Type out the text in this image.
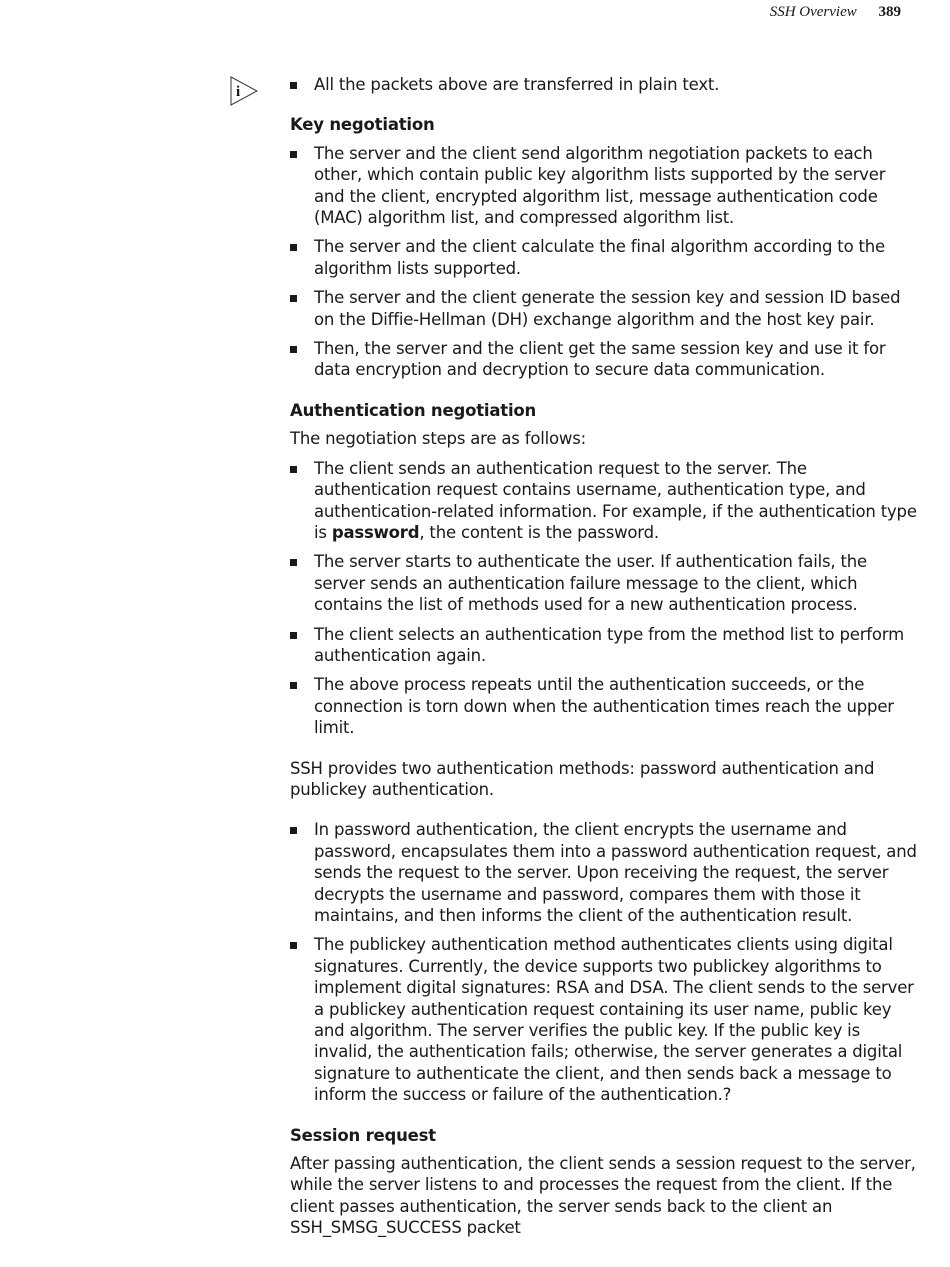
SSH Overview 389
i	All the packets above are transferred in plain text.
Key negotiation
The server and the client send algorithm negotiation packets to each other, which contain public key algorithm lists supported by the server and the client, encrypted algorithm list, message authentication code (MAC) algorithm list, and compressed algorithm list.
The server and the client calculate the final algorithm according to the algorithm lists supported.
The server and the client generate the session key and session ID based on the Diffie-Hellman (DH) exchange algorithm and the host key pair.
Then, the server and the client get the same session key and use it for data encryption and decryption to secure data communication.
Authentication negotiation

The negotiation steps are as follows:

The client sends an authentication request to the server. The authentication request contains username, authentication type, and authentication-related information. For example, if the authentication type is password, the content is the password.
The server starts to authenticate the user. If authentication fails, the server sends an authentication failure message to the client, which contains the list of methods used for a new authentication process.
The client selects an authentication type from the method list to perform authentication again.
The above process repeats until the authentication succeeds, or the connection is torn down when the authentication times reach the upper limit.

SSH provides two authentication methods: password authentication and publickey authentication.

In password authentication, the client encrypts the username and password, encapsulates them into a password authentication request, and sends the request to the server. Upon receiving the request, the server decrypts the username and password, compares them with those it maintains, and then informs the client of the authentication result.
The publickey authentication method authenticates clients using digital signatures. Currently, the device supports two publickey algorithms to implement digital signatures: RSA and DSA. The client sends to the server a publickey authentication request containing its user name, public key and algorithm. The server verifies the public key. If the public key is invalid, the authentication fails; otherwise, the server generates a digital signature to authenticate the client, and then sends back a message to inform the success or failure of the authentication.?
Session request

After passing authentication, the client sends a session request to the server, while the server listens to and processes the request from the client. If the client passes authentication, the server sends back to the client an SSH_SMSG_SUCCESS packet
